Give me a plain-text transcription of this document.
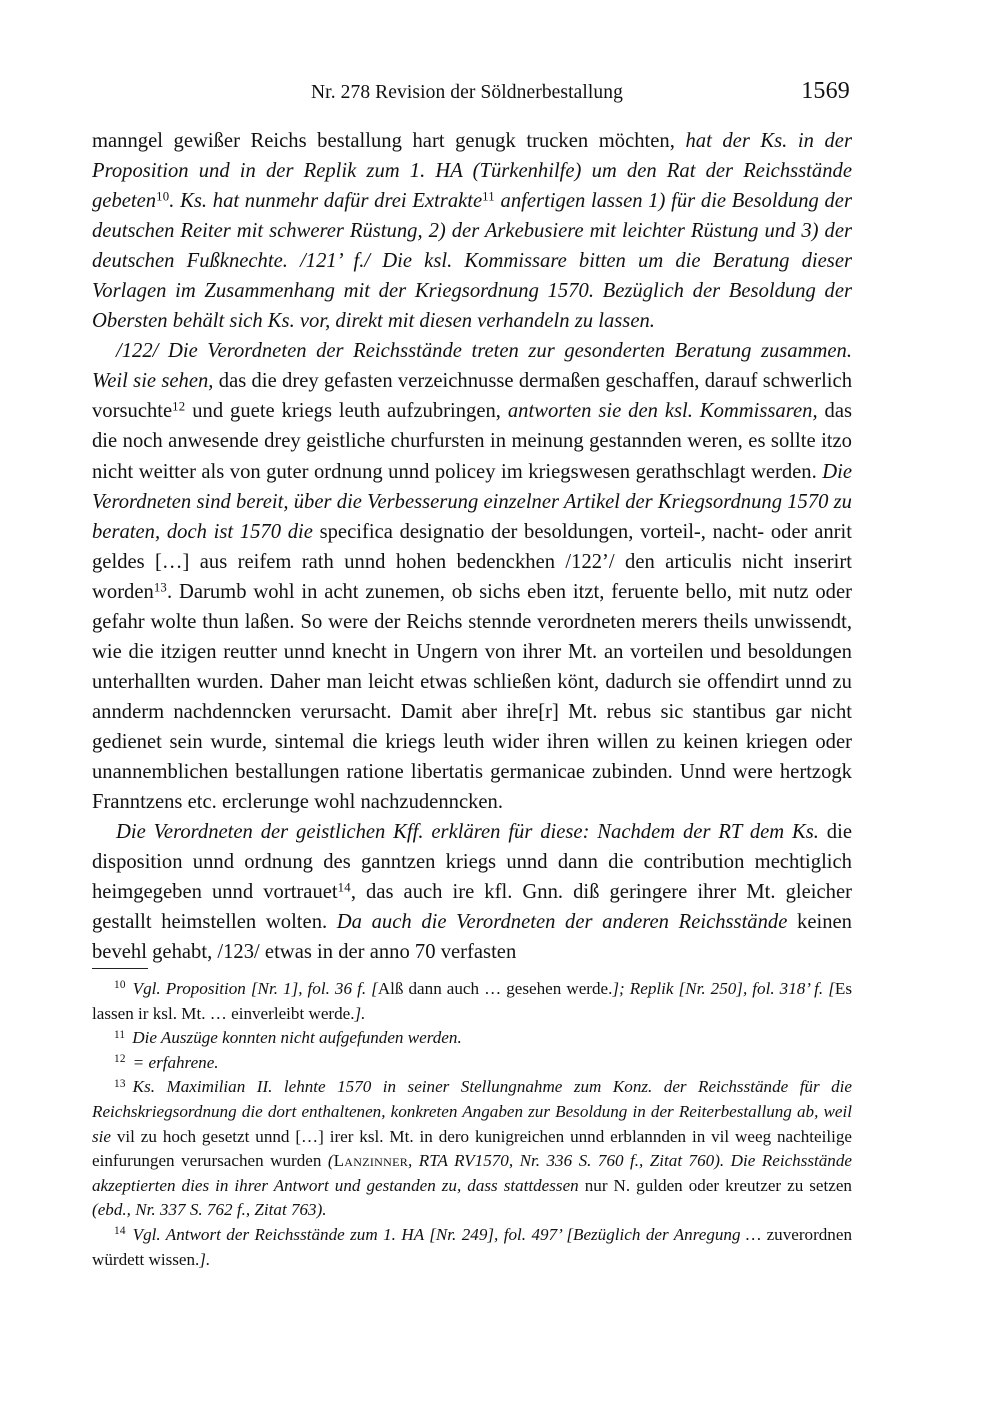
Nr. 278 Revision der Söldnerbestallung	1569

manngel gewißer Reichs bestallung hart genugk trucken möchten, hat der Ks. in der Proposition und in der Replik zum 1. HA (Türkenhilfe) um den Rat der Reichsstände gebeten$^{10}$. Ks. hat nunmehr dafür drei Extrakte$^{11}$ anfertigen lassen 1) für die Besoldung der deutschen Reiter mit schwerer Rüstung, 2) der Arkebusiere mit leichter Rüstung und 3) der deutschen Fußknechte. /121’ f./ Die ksl. Kommissare bitten um die Beratung dieser Vorlagen im Zusammenhang mit der Kriegsordnung 1570. Bezüglich der Besoldung der Obersten behält sich Ks. vor, direkt mit diesen verhandeln zu lassen.

/122/ Die Verordneten der Reichsstände treten zur gesonderten Beratung zusammen. Weil sie sehen, das die drey gefasten verzeichnusse dermaßen geschaffen, darauf schwerlich vorsuchte$^{12}$ und guete kriegs leuth aufzubringen, antworten sie den ksl. Kommissaren, das die noch anwesende drey geistliche churfursten in meinung gestannden weren, es sollte itzo nicht weitter als von guter ordnung unnd policey im kriegswesen gerathschlagt werden. Die Verordneten sind bereit, über die Verbesserung einzelner Artikel der Kriegsordnung 1570 zu beraten, doch ist 1570 die specifica designatio der besoldungen, vorteil-, nacht- oder anrit geldes […] aus reifem rath unnd hohen bedenckhen /122’/ den articulis nicht inserirt worden$^{13}$. Darumb wohl in acht zunemen, ob sichs eben itzt, feruente bello, mit nutz oder gefahr wolte thun laßen. So were der Reichs stennde verordneten merers theils unwissendt, wie die itzigen reutter unnd knecht in Ungern von ihrer Mt. an vorteilen und besoldungen unterhallten wurden. Daher man leicht etwas schließen könt, dadurch sie offendirt unnd zu annderm nachdenncken verursacht. Damit aber ihre[r] Mt. rebus sic stantibus gar nicht gedienet sein wurde, sintemal die kriegs leuth wider ihren willen zu keinen kriegen oder unannemblichen bestallungen ratione libertatis germanicae zubinden. Unnd were hertzogk Franntzens etc. erclerunge wohl nachzudenncken.

Die Verordneten der geistlichen Kff. erklären für diese: Nachdem der RT dem Ks. die disposition unnd ordnung des ganntzen kriegs unnd dann die contribution mechtiglich heimgegeben unnd vortrauet$^{14}$, das auch ire kfl. Gnn. diß geringere ihrer Mt. gleicher gestallt heimstellen wolten. Da auch die Verordneten der anderen Reichsstände keinen bevehl gehabt, /123/ etwas in der anno 70 verfasten

$^{10}$ Vgl. Proposition [Nr. 1], fol. 36 f. [Alß dann auch … gesehen werde.]; Replik [Nr. 250], fol. 318’ f. [Es lassen ir ksl. Mt. … einverleibt werde.].

$^{11}$ Die Auszüge konnten nicht aufgefunden werden.

$^{12}$ = erfahrene.

$^{13}$ Ks. Maximilian II. lehnte 1570 in seiner Stellungnahme zum Konz. der Reichsstände für die Reichskriegsordnung die dort enthaltenen, konkreten Angaben zur Besoldung in der Reiterbestallung ab, weil sie vil zu hoch gesetzt unnd […] irer ksl. Mt. in dero kunigreichen unnd erblannden in vil weeg nachteilige einfurungen verursachen wurden (Lanzinner, RTA RV1570, Nr. 336 S. 760 f., Zitat 760). Die Reichsstände akzeptierten dies in ihrer Antwort und gestanden zu, dass stattdessen nur N. gulden oder kreutzer zu setzen (ebd., Nr. 337 S. 762 f., Zitat 763).

$^{14}$ Vgl. Antwort der Reichsstände zum 1. HA [Nr. 249], fol. 497’ [Bezüglich der Anregung … zuverordnen würdett wissen.].
